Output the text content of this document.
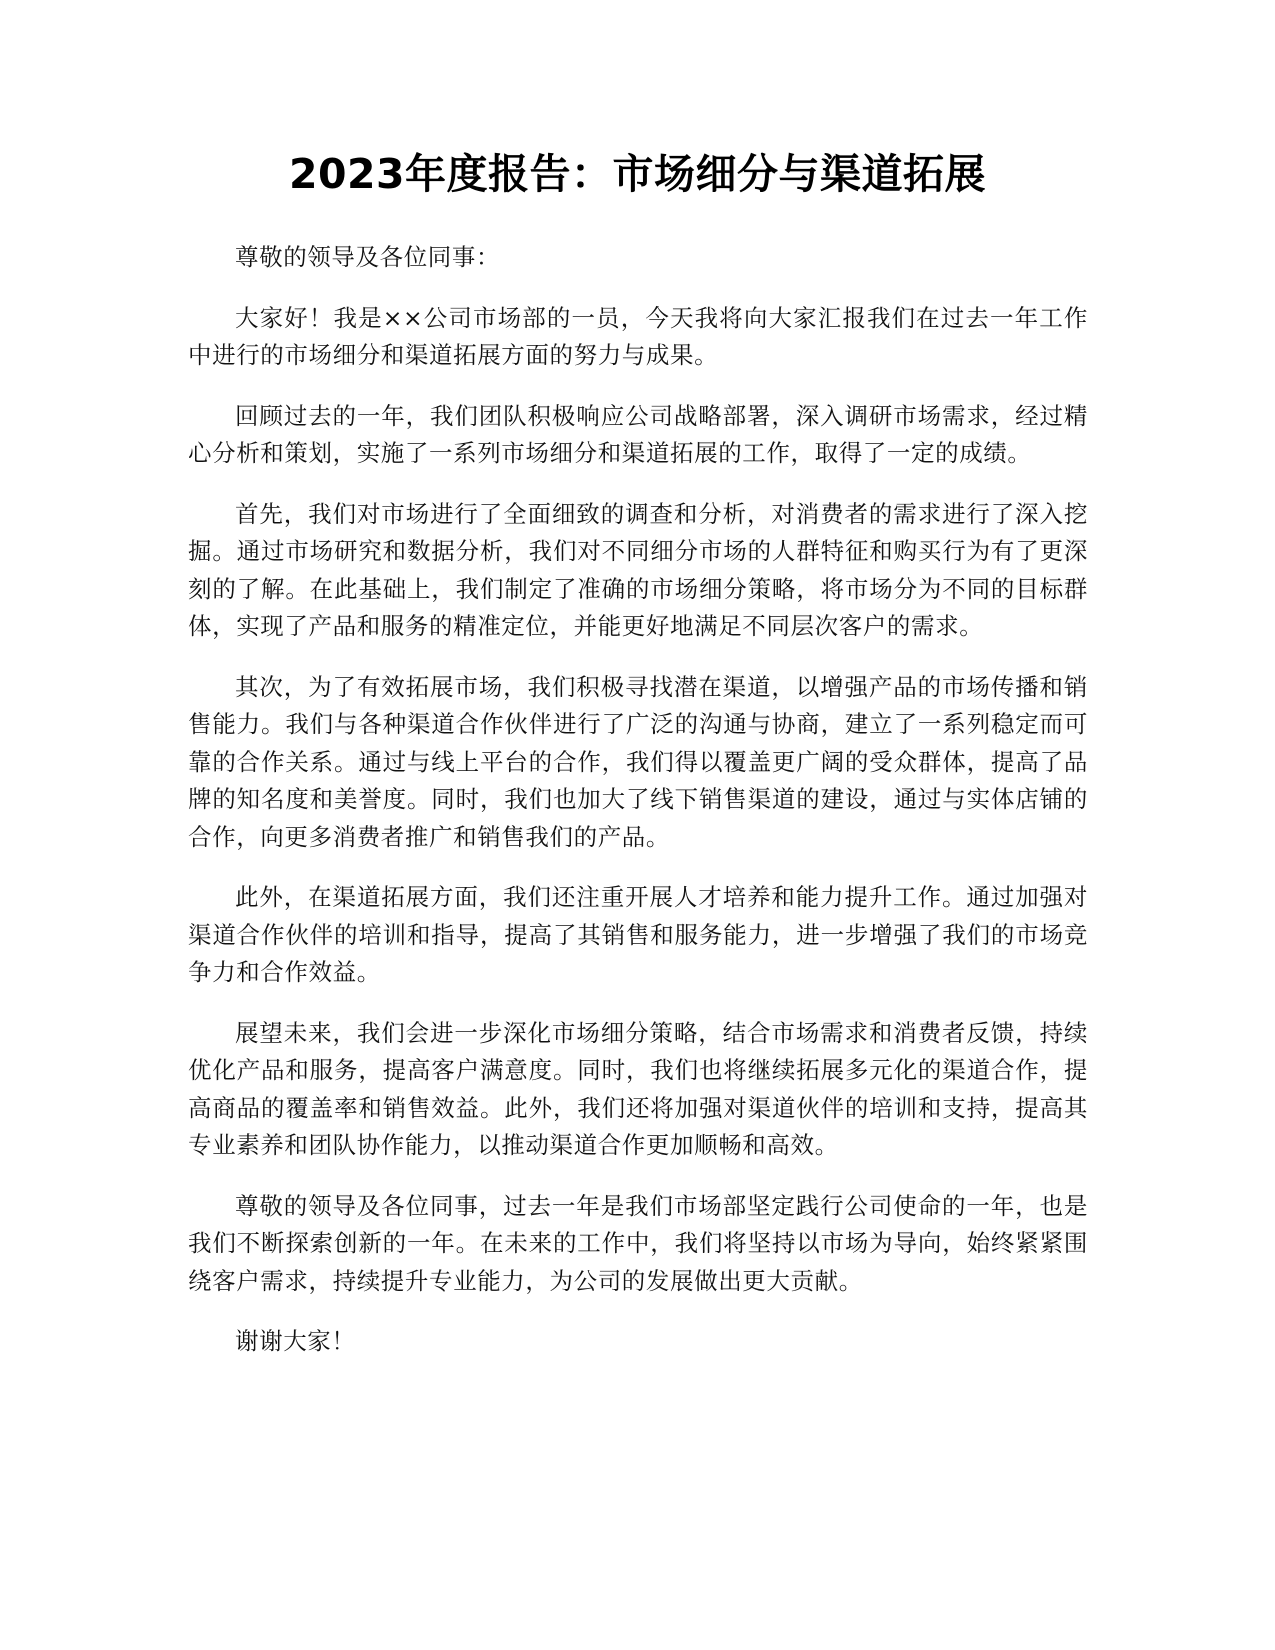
2023年度报告：市场细分与渠道拓展

尊敬的领导及各位同事：

大家好！我是××公司市场部的一员，今天我将向大家汇报我们在过去一年工作中进行的市场细分和渠道拓展方面的努力与成果。

回顾过去的一年，我们团队积极响应公司战略部署，深入调研市场需求，经过精心分析和策划，实施了一系列市场细分和渠道拓展的工作，取得了一定的成绩。

首先，我们对市场进行了全面细致的调查和分析，对消费者的需求进行了深入挖掘。通过市场研究和数据分析，我们对不同细分市场的人群特征和购买行为有了更深刻的了解。在此基础上，我们制定了准确的市场细分策略，将市场分为不同的目标群体，实现了产品和服务的精准定位，并能更好地满足不同层次客户的需求。

其次，为了有效拓展市场，我们积极寻找潜在渠道，以增强产品的市场传播和销售能力。我们与各种渠道合作伙伴进行了广泛的沟通与协商，建立了一系列稳定而可靠的合作关系。通过与线上平台的合作，我们得以覆盖更广阔的受众群体，提高了品牌的知名度和美誉度。同时，我们也加大了线下销售渠道的建设，通过与实体店铺的合作，向更多消费者推广和销售我们的产品。

此外，在渠道拓展方面，我们还注重开展人才培养和能力提升工作。通过加强对渠道合作伙伴的培训和指导，提高了其销售和服务能力，进一步增强了我们的市场竞争力和合作效益。

展望未来，我们会进一步深化市场细分策略，结合市场需求和消费者反馈，持续优化产品和服务，提高客户满意度。同时，我们也将继续拓展多元化的渠道合作，提高商品的覆盖率和销售效益。此外，我们还将加强对渠道伙伴的培训和支持，提高其专业素养和团队协作能力，以推动渠道合作更加顺畅和高效。

尊敬的领导及各位同事，过去一年是我们市场部坚定践行公司使命的一年，也是我们不断探索创新的一年。在未来的工作中，我们将坚持以市场为导向，始终紧紧围绕客户需求，持续提升专业能力，为公司的发展做出更大贡献。

谢谢大家！
